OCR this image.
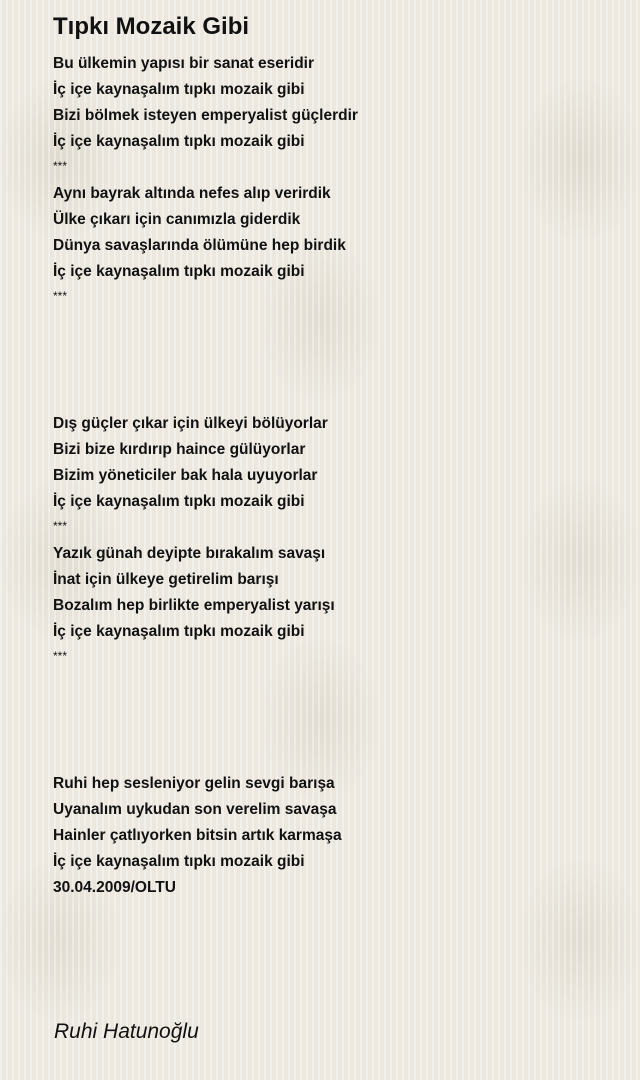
Tıpkı Mozaik Gibi
Bu ülkemin yapısı bir sanat eseridir
İç içe kaynaşalım tıpkı mozaik gibi
Bizi bölmek isteyen emperyalist güçlerdir
İç içe kaynaşalım tıpkı mozaik gibi
***
Aynı bayrak altında nefes alıp verirdik
Ülke çıkarı için canımızla giderdik
Dünya savaşlarında ölümüne hep birdik
İç içe kaynaşalım tıpkı mozaik gibi
***
Dış güçler çıkar için ülkeyi bölüyorlar
Bizi bize kırdırıp haince gülüyorlar
Bizim yöneticiler bak hala uyuyorlar
İç içe kaynaşalım tıpkı mozaik gibi
***
Yazık günah deyipte bırakalım savaşı
İnat için ülkeye getirelim barışı
Bozalım hep birlikte emperyalist yarışı
İç içe kaynaşalım tıpkı mozaik gibi
***
Ruhi hep sesleniyor gelin sevgi barışa
Uyanalım uykudan son verelim savaşa
Hainler çatlıyorken bitsin artık karmaşa
İç içe kaynaşalım tıpkı mozaik gibi
30.04.2009/OLTU
Ruhi Hatunoğlu
